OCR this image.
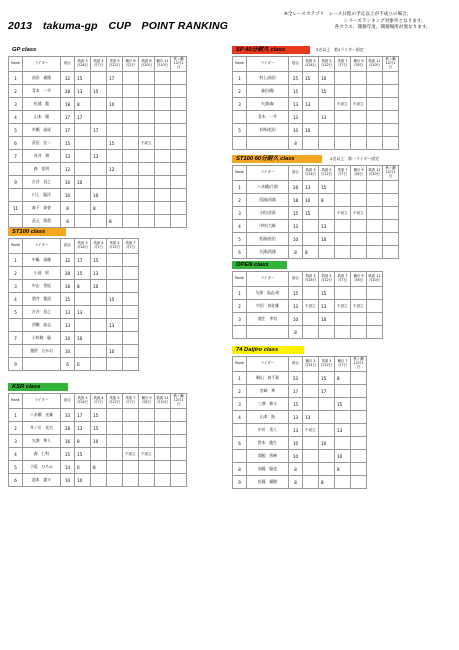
2013　takuma-gp　CUP　POINT RANKING
※全レースカテゴリ　レース日程の予定以上が不成立の場合、
　　　　　　　　　　　　　シリーズランキング対象外となります。
　　　　　　　　　　　各クラス、開催年度、開催場所が異なります。
GP class
Rank	ライダー	総合	筑波 3月24日	筑波 4月7日	茂原 5月12日	桶川 6月2日	筑波 8月20日	桶川 11月10日	秋ヶ瀬 12月1日
1	前田　義隆	32	15		17				
2	青木　一平	28	13	15					
3	松浦　龍	18	8		10				
4	山本　陽	17	17						
5	市橋　高成	17		17					
6	武田　宏二	15			15		不成立		
7	長井　翔	13		13					
	森　佳明	12			12				
9	古谷　昌之	10	10						
	川上　聡洋	10		10					
11	森下　泰登	8		8					
	武元　敦哉	8			8				
SP 40分耐久 class	2名以上　第1ライダー固定
Rank	ライダー	総合	筑波 3月24日	筑波 5月12日	茂原 7月7日	桶川 9月8日	筑波 11月10日	秋ヶ瀬 12月1日
1	村上/前田	25	15	10				
2	森田/陽	15		15				
3	矢澤/森	13	13		不成立	不成立		
	青木　一平	13		13				
5	若林/松田	10	10					
		8						
ST100 60分耐久 class	2名以上　第一ライダー固定
Rank	ライダー	総合	筑波 3月24日	筑波 5月12日	茂原 7月7日	桶川 9月8日	筑波 11月10日	秋ヶ瀬 12月1日
1	八木橋/片岡	28	13	15				
2	西浦/西浦	18	10	8				
3	小松/宮原	15	15		不成立	不成立		
4	中村/大崎	13		13				
5	松浦/松田	10		10				
6	矢澤/西浦	8	8					
ST100 class
Rank	ライダー	総合	筑波 3月24日	筑波 4月7日	茂原 5月12日	筑波 7月7日
1	中嶋　高穂	32	17	15		
2	小池　彰	28	15	13		
3	中山　智紀	18	8	10		
4	酒井　俊道	15			15	
5	古谷　昌之	13	13			
	西郷　高志	13			13	
7	小杉路　聡	10	10			
	越智　たかお	10			10	
9		6	6			
OPEN class
Rank	ライダー	総合	筑波 3月24日	筑波 5月12日	筑波 7月7日	桶川 9月8日	筑波 11月10日
1	矢澤　高志/泉	15		15			
2	中田　真佐雄	13	不成立	13	不成立	不成立	
3	越生　孝男	10		10			
		8					
74 Daijiro class
Rank	ライダー	総合	桶川 3月31日	茂原 5月12日	桶川 7月7日	秋ヶ瀬 12月1日
1	桐山　真千賀	23		15	8	
2	宮崎　隼	17		17		
3	三澤　伸斗	15			15	
4	山本　航	13	13			
	中川　美人	13	不成立		13	
6	鈴木　龍生	10		10		
	関根　智禅	10			10	
8	加藤　聡也	8			8	
9	佐藤　顕健	8		8		
KSR class
Rank	ライダー	総合	筑波 3月24日	筑波 4月7日	茂原 5月12日	茂原 7月7日	桶川 9月8日	筑波 11月10日	秋ヶ瀬 12月1日
1	八木橋　光雄	33	17	15					
2	井ノ川　光矢	28	13	15					
3	矢澤　隼人	16	8	10					
4	森　仁科	15	15			不成立	不成立		
5	小坂　ひろみ	14	6	8					
6	池本　憲斗	10	10						
